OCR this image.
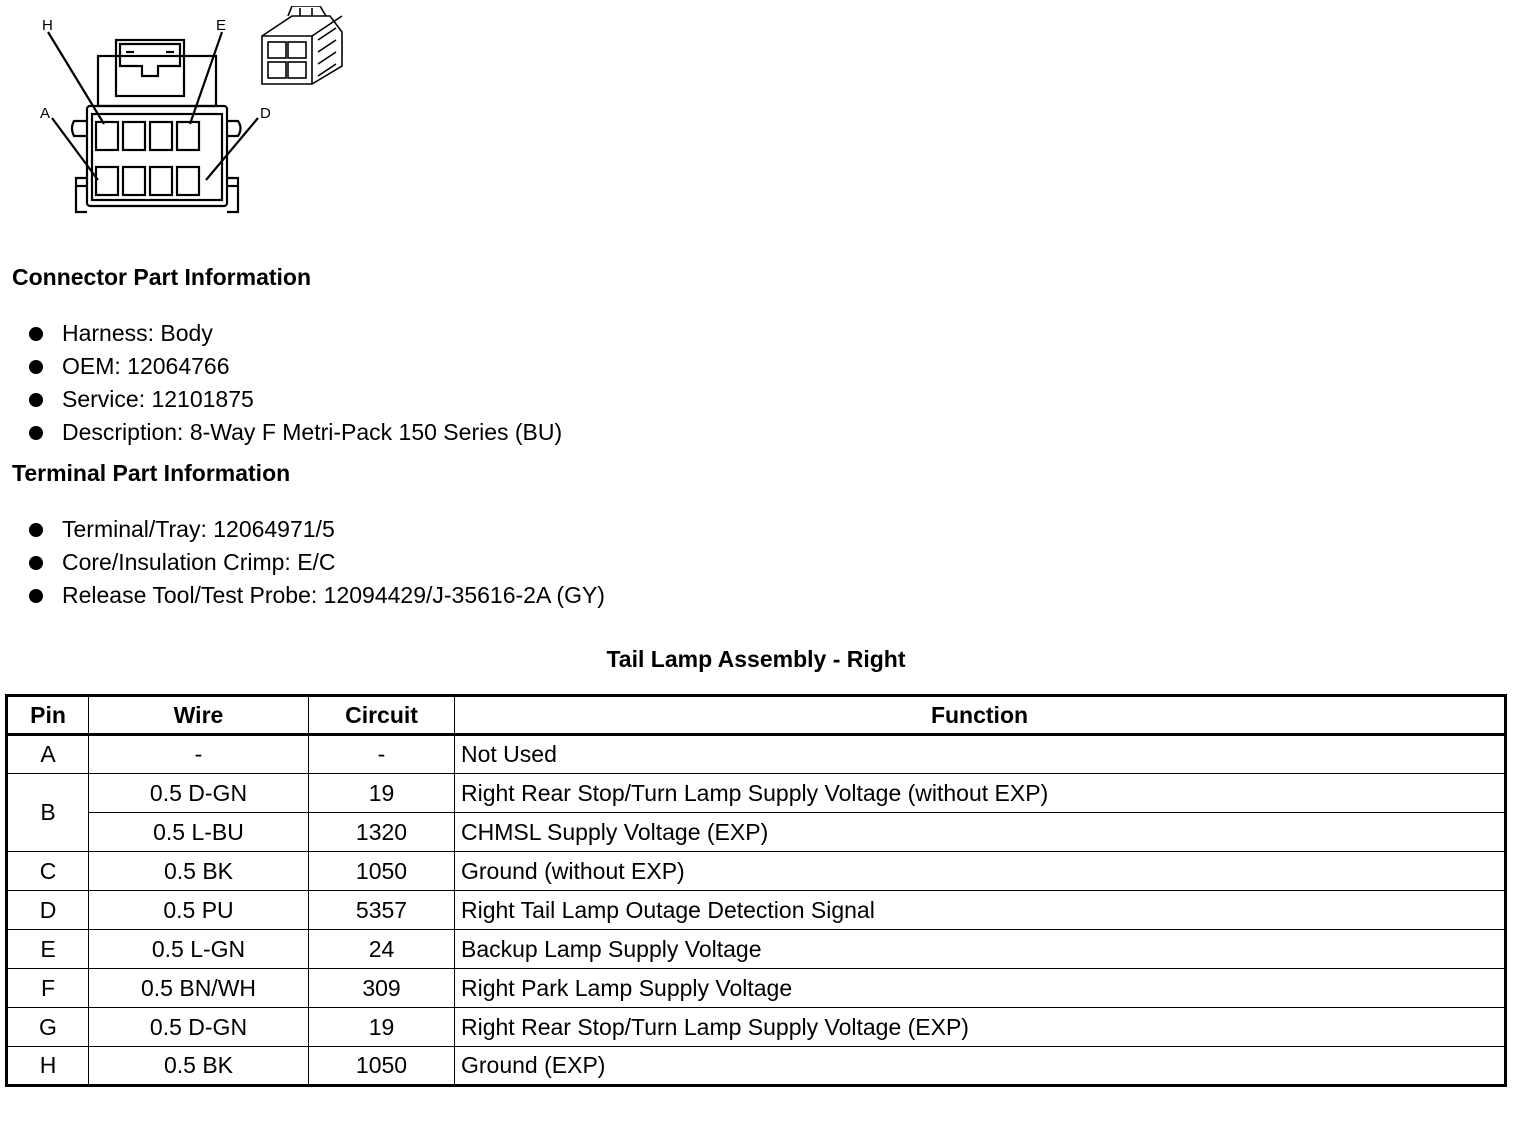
H	E
A	D
Connector Part Information
Harness: Body
OEM: 12064766
Service: 12101875
Description: 8-Way F Metri-Pack 150 Series (BU)
Terminal Part Information
Terminal/Tray: 12064971/5
Core/Insulation Crimp: E/C
Release Tool/Test Probe: 12094429/J-35616-2A (GY)
Tail Lamp Assembly - Right
Pin	Wire	Circuit	Function
A	-	-	Not Used
B	0.5 D-GN	19	Right Rear Stop/Turn Lamp Supply Voltage (without EXP)
	0.5 L-BU	1320	CHMSL Supply Voltage (EXP)
C	0.5 BK	1050	Ground (without EXP)
D	0.5 PU	5357	Right Tail Lamp Outage Detection Signal
E	0.5 L-GN	24	Backup Lamp Supply Voltage
F	0.5 BN/WH	309	Right Park Lamp Supply Voltage
G	0.5 D-GN	19	Right Rear Stop/Turn Lamp Supply Voltage (EXP)
H	0.5 BK	1050	Ground (EXP)
